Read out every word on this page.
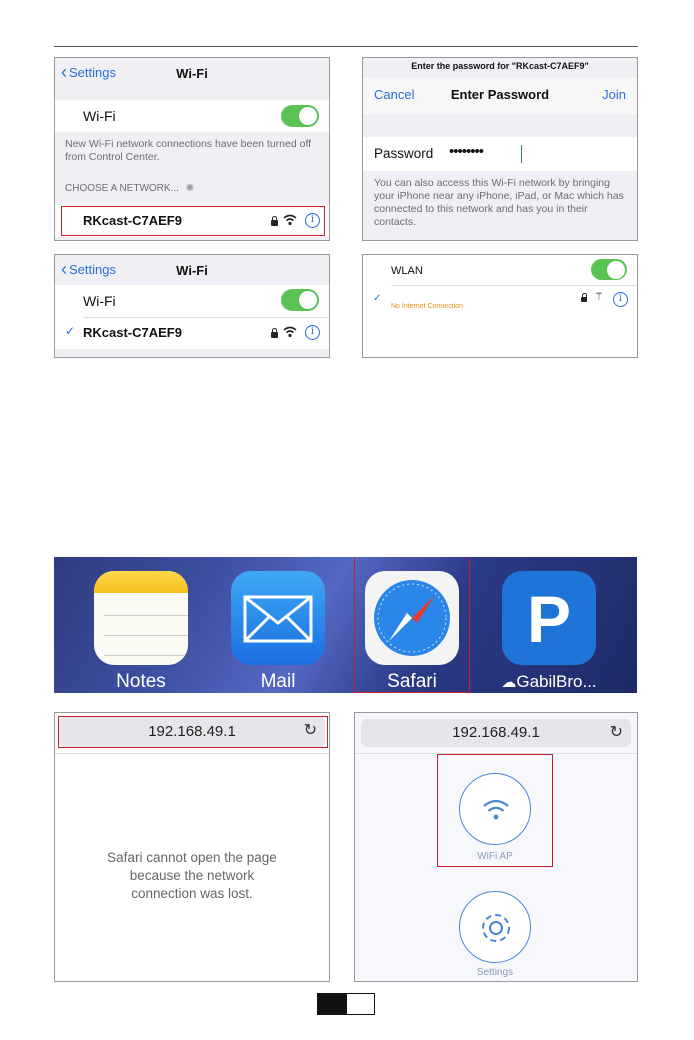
‹ Settings	Wi-Fi
Wi-Fi
New Wi-Fi network connections have been turned off from Control Center.
CHOOSE A NETWORK... ✺
RKcast-C7AEF9	i
Enter the password for "RKcast-C7AEF9"
Cancel	Enter Password	Join
Password ••••••••
You can also access this Wi-Fi network by bringing your iPhone near any iPhone, iPad, or Mac which has connected to this network and has you in their contacts.
‹ Settings	Wi-Fi
Wi-Fi
✓ RKcast-C7AEF9	i
WLAN
✓
No Internet Connection
⚚	i
Notes	Mail	Safari
P
☁GabilBro...
192.168.49.1	↻
Safari cannot open the page because the network connection was lost.
192.168.49.1	↻
WiFi AP
Settings
